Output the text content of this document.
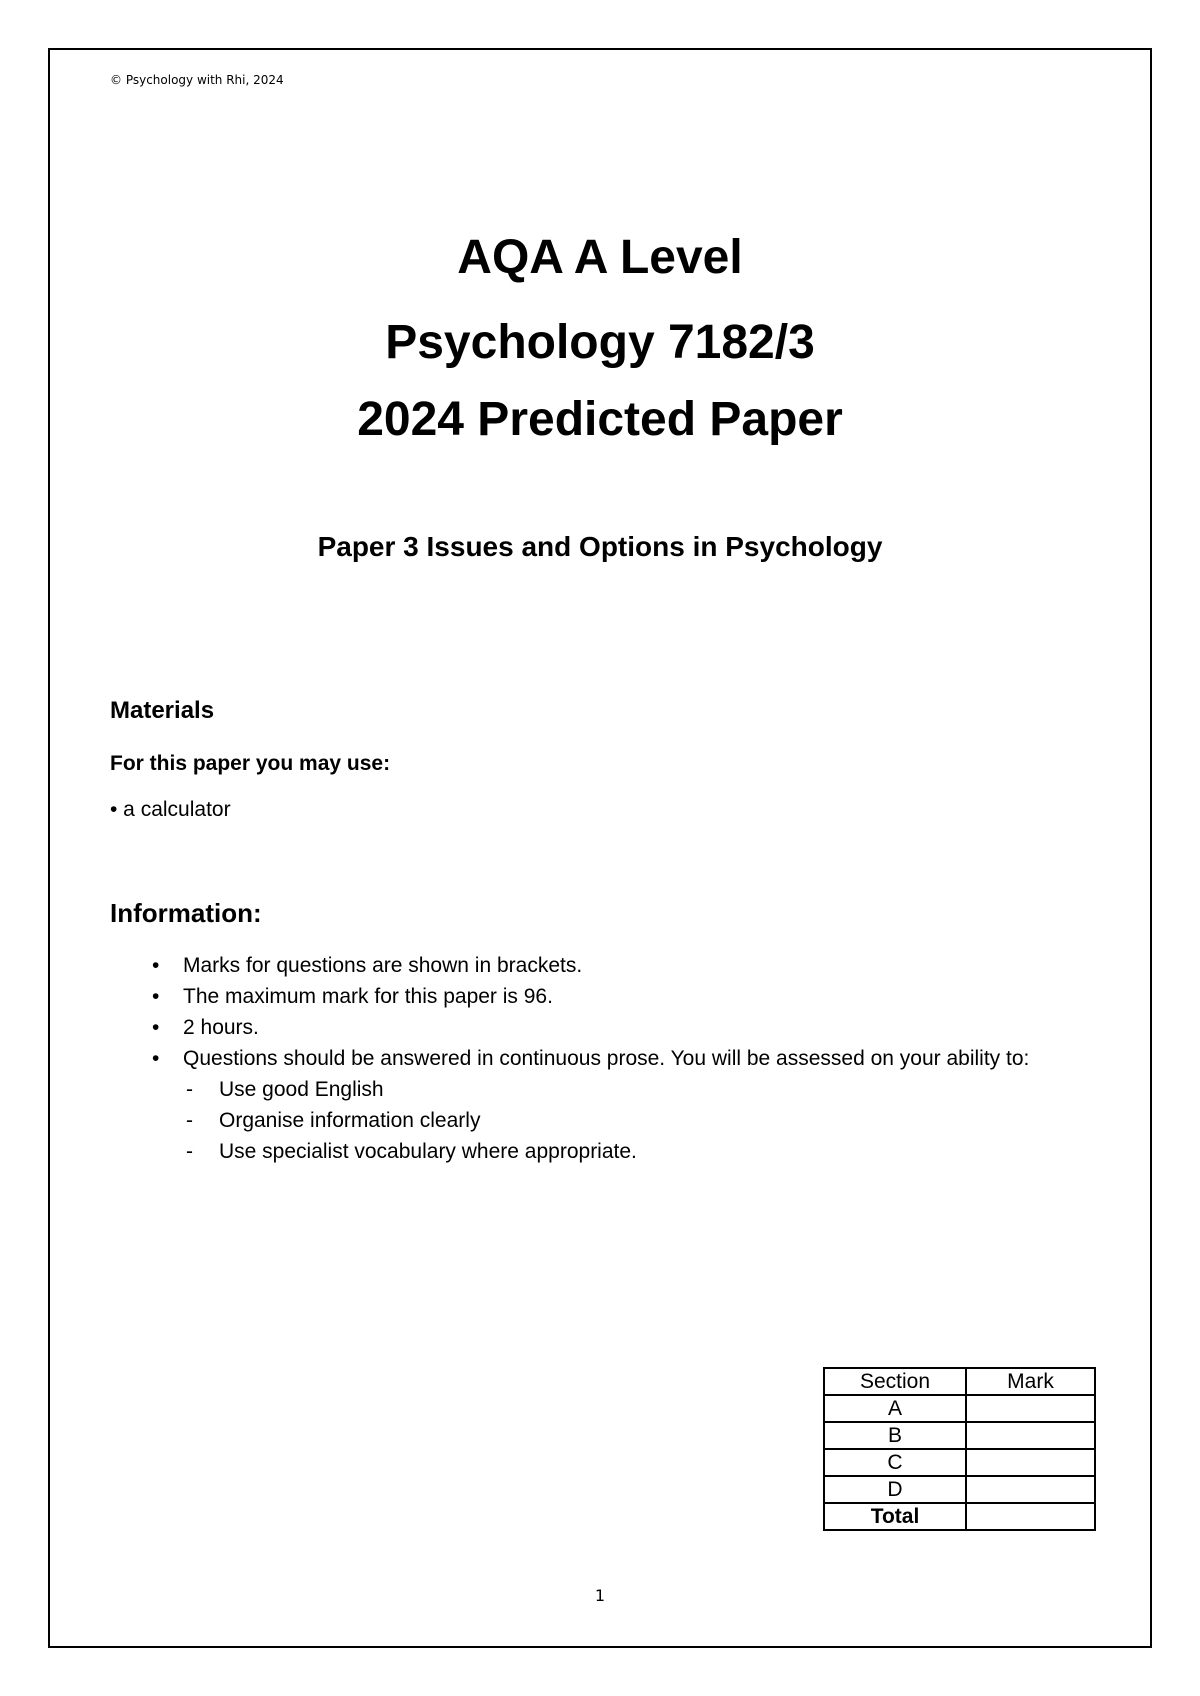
© Psychology with Rhi, 2024
AQA A Level
Psychology 7182/3
2024 Predicted Paper
Paper 3 Issues and Options in Psychology
Materials
For this paper you may use:
• a calculator
Information:
• Marks for questions are shown in brackets.
• The maximum mark for this paper is 96.
• 2 hours.
• Questions should be answered in continuous prose. You will be assessed on your ability to:
- Use good English
- Organise information clearly
- Use specialist vocabulary where appropriate.
Section	Mark
A	
B	
C	
D	
Total	
1
